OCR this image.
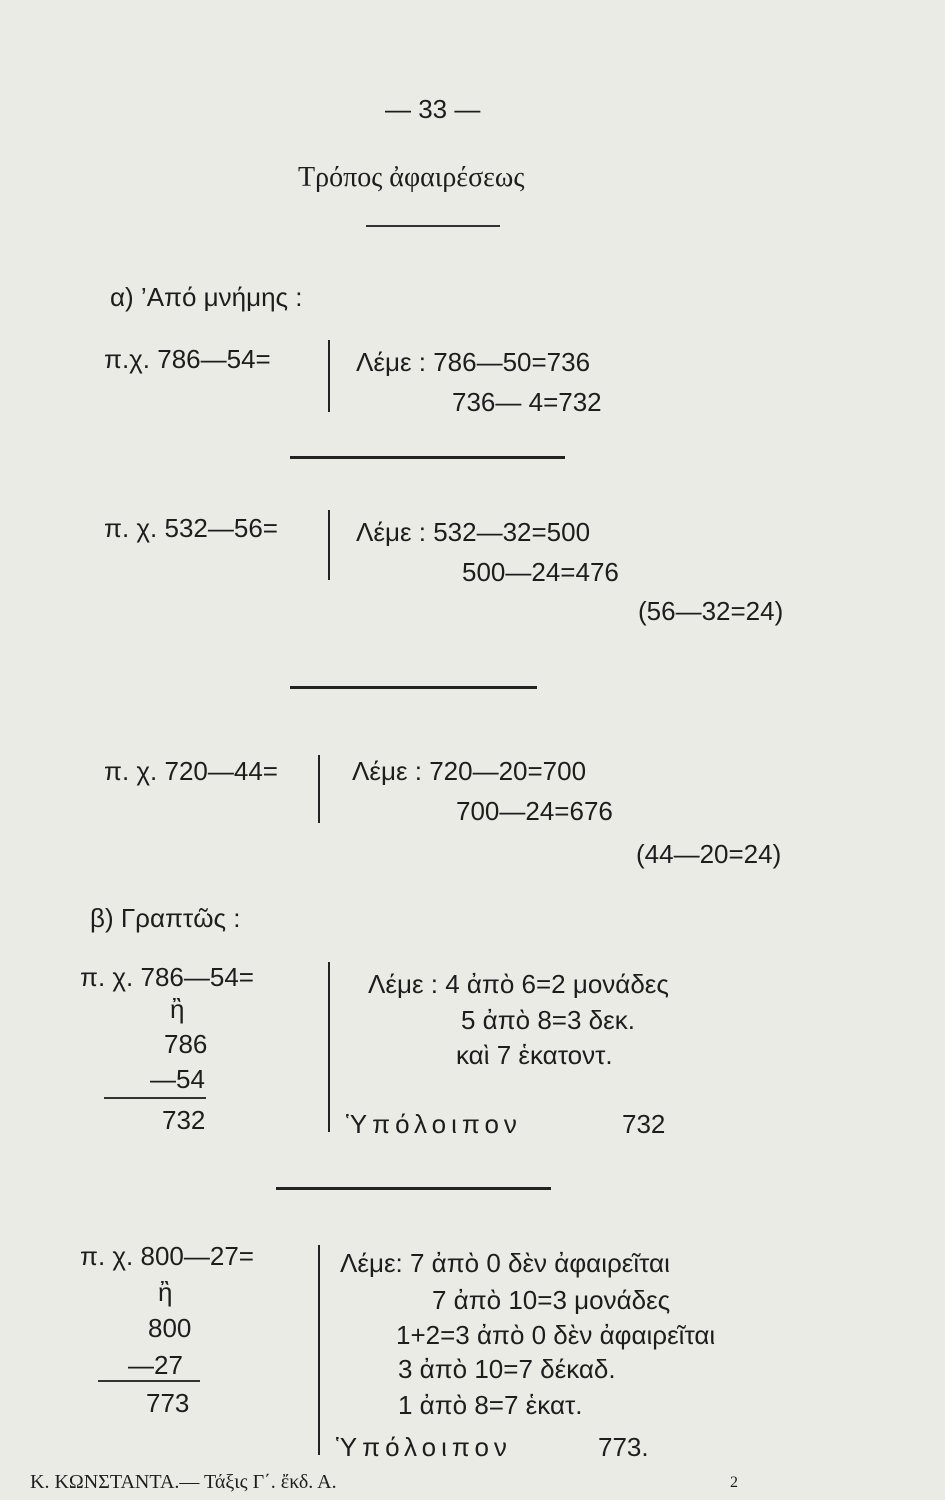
— 33 —
Τρόπος ἀφαιρέσεως
α) ’Από μνήμης :
π.χ. 786—54=	Λέμε : 786—50=736
736— 4=732
π. χ. 532—56=	Λέμε : 532—32=500
500—24=476
(56—32=24)
π. χ. 720—44=	Λέμε : 720—20=700
700—24=676
(44—20=24)
β) Γραπτῶς :
π. χ. 786—54=
ἢ
786
—54
732
Λέμε : 4 ἀπὸ 6=2 μονάδες
5 ἀπὸ 8=3 δεκ.
καὶ 7 ἑκατοντ.
Ὑπόλοιπον	732
π. χ. 800—27=
ἢ
800
—27
773
Λέμε: 7 ἀπὸ 0 δὲν ἀφαιρεῖται
7 ἀπὸ 10=3 μονάδες
1+2=3 ἀπὸ 0 δὲν ἀφαιρεῖται
3 ἀπὸ 10=7 δέκαδ.
1 ἀπὸ 8=7 ἑκατ.
Ὑπόλοιπον	773.
Κ. ΚΩΝΣΤΑΝΤΑ.— Τάξις Γ΄. ἔκδ. Α.	2
